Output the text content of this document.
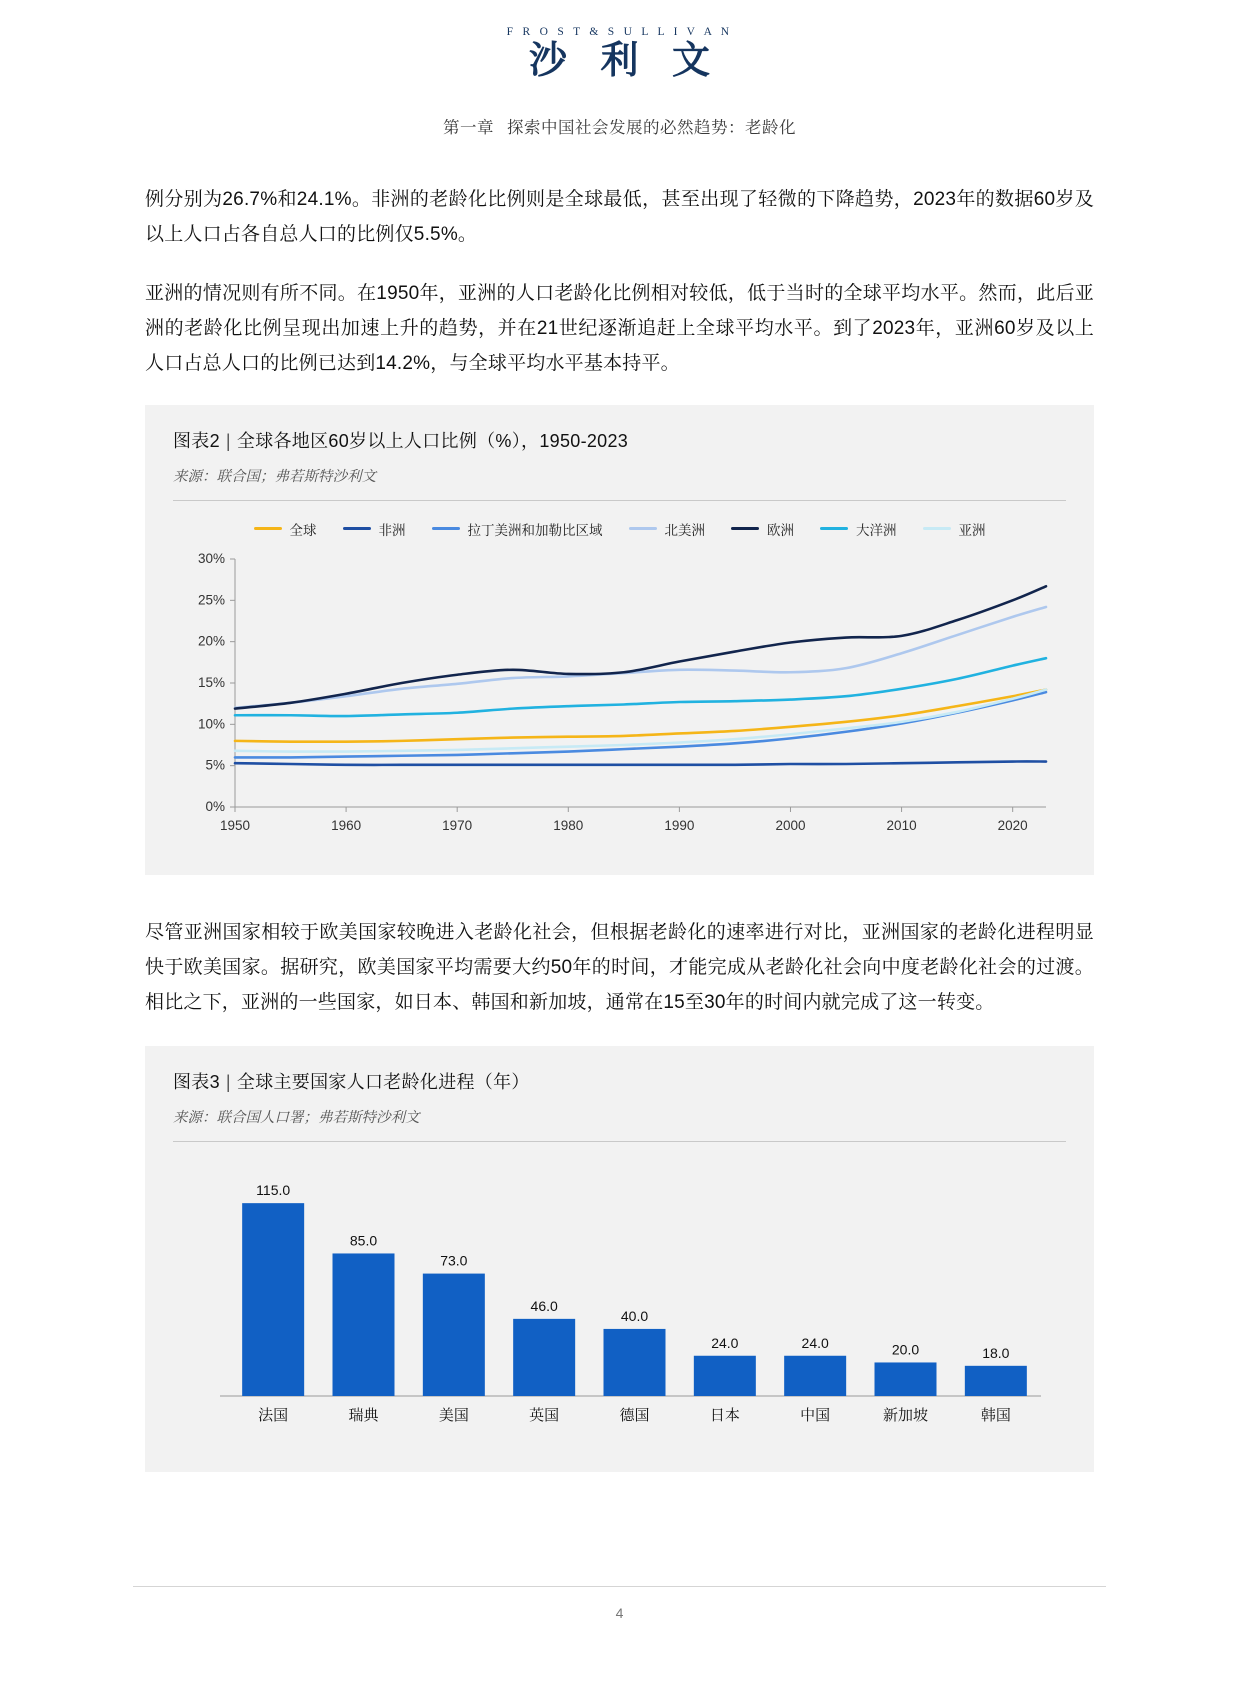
F R O S T & S U L L I V A N
沙 利 文
第一章 探索中国社会发展的必然趋势：老龄化

例分别为26.7%和24.1%。非洲的老龄化比例则是全球最低，甚至出现了轻微的下降趋势，2023年的数据60岁及以上人口占各自总人口的比例仅5.5%。

亚洲的情况则有所不同。在1950年，亚洲的人口老龄化比例相对较低，低于当时的全球平均水平。然而，此后亚洲的老龄化比例呈现出加速上升的趋势，并在21世纪逐渐追赶上全球平均水平。到了2023年，亚洲60岁及以上人口占总人口的比例已达到14.2%，与全球平均水平基本持平。

图表2 | 全球各地区60岁以上人口比例（%），1950-2023
来源：联合国；弗若斯特沙利文
全球	非洲	拉丁美洲和加勒比区域	北美洲	欧洲	大洋洲	亚洲
0%
5%
10%
15%
20%
25%
30%
1950	1960	1970	1980	1990	2000	2010	2020

尽管亚洲国家相较于欧美国家较晚进入老龄化社会，但根据老龄化的速率进行对比，亚洲国家的老龄化进程明显快于欧美国家。据研究，欧美国家平均需要大约50年的时间，才能完成从老龄化社会向中度老龄化社会的过渡。相比之下，亚洲的一些国家，如日本、韩国和新加坡，通常在15至30年的时间内就完成了这一转变。

图表3 | 全球主要国家人口老龄化进程（年）
来源：联合国人口署；弗若斯特沙利文
115.0
法国
85.0
瑞典
73.0
美国
46.0
英国
40.0
德国
24.0
日本
24.0
中国
20.0
新加坡
18.0
韩国
4
